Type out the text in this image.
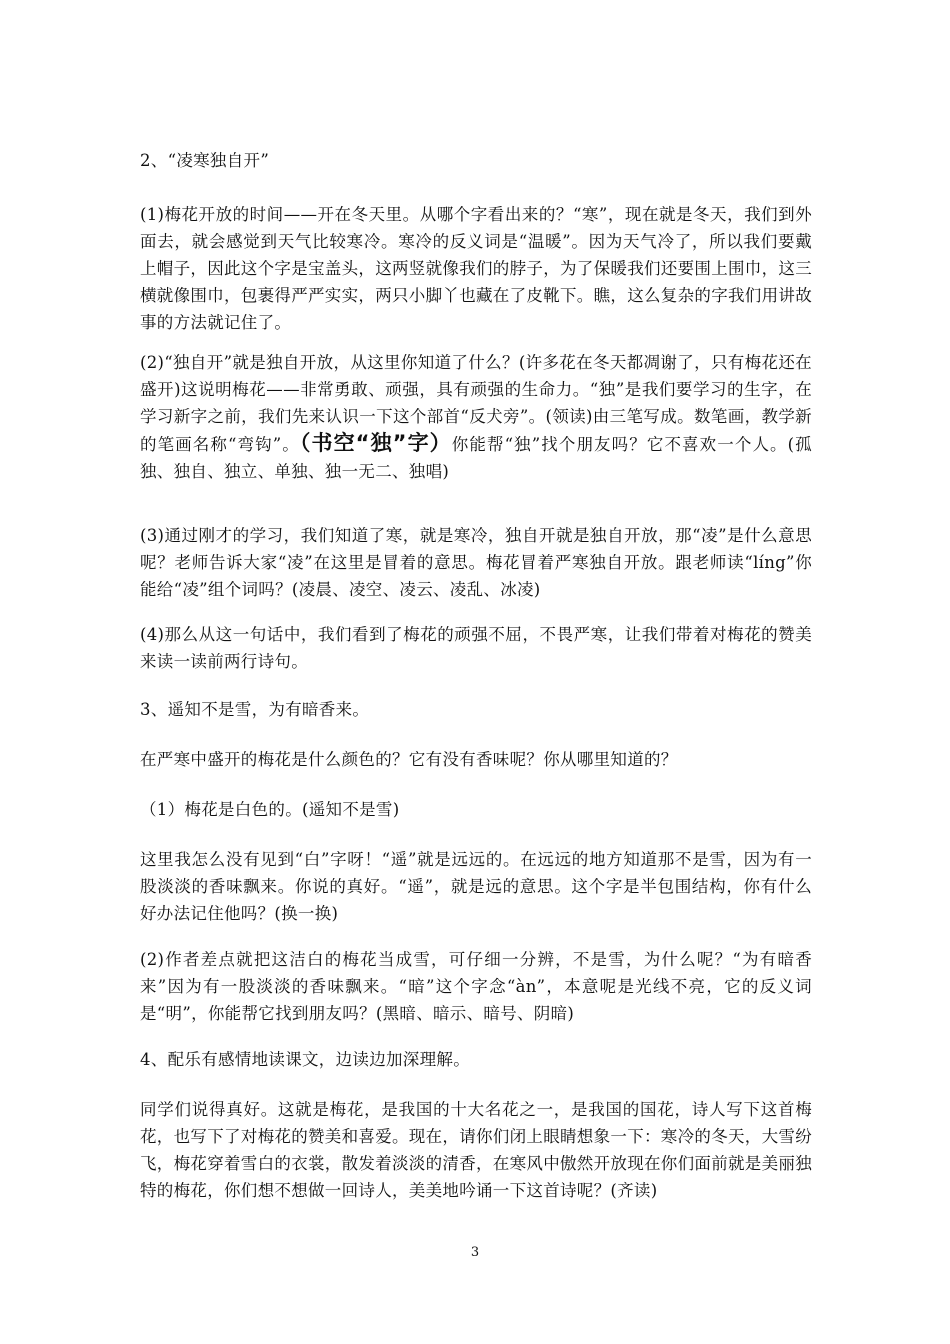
2、“凌寒独自开”

(1)梅花开放的时间——开在冬天里。从哪个字看出来的？“寒”，现在就是冬天，我们到外面去，就会感觉到天气比较寒冷。寒冷的反义词是“温暖”。因为天气冷了，所以我们要戴上帽子，因此这个字是宝盖头，这两竖就像我们的脖子，为了保暖我们还要围上围巾，这三横就像围巾，包裹得严严实实，两只小脚丫也藏在了皮靴下。瞧，这么复杂的字我们用讲故事的方法就记住了。

(2)“独自开”就是独自开放，从这里你知道了什么？(许多花在冬天都凋谢了，只有梅花还在盛开)这说明梅花——非常勇敢、顽强，具有顽强的生命力。“独”是我们要学习的生字，在学习新字之前，我们先来认识一下这个部首“反犬旁”。(领读)由三笔写成。数笔画，教学新的笔画名称“弯钩”。（书空“独”字）你能帮“独”找个朋友吗？它不喜欢一个人。(孤独、独自、独立、单独、独一无二、独唱)

(3)通过刚才的学习，我们知道了寒，就是寒冷，独自开就是独自开放，那“凌”是什么意思呢？老师告诉大家“凌”在这里是冒着的意思。梅花冒着严寒独自开放。跟老师读“líng”你能给“凌”组个词吗？(凌晨、凌空、凌云、凌乱、冰凌)

(4)那么从这一句话中，我们看到了梅花的顽强不屈，不畏严寒，让我们带着对梅花的赞美来读一读前两行诗句。

3、遥知不是雪，为有暗香来。

在严寒中盛开的梅花是什么颜色的？它有没有香味呢？你从哪里知道的？

（1）梅花是白色的。(遥知不是雪)

这里我怎么没有见到“白”字呀！“遥”就是远远的。在远远的地方知道那不是雪，因为有一股淡淡的香味飘来。你说的真好。“遥”，就是远的意思。这个字是半包围结构，你有什么好办法记住他吗？(换一换)

(2)作者差点就把这洁白的梅花当成雪，可仔细一分辨，不是雪，为什么呢？“为有暗香来”因为有一股淡淡的香味飘来。“暗”这个字念“àn”，本意呢是光线不亮，它的反义词是“明”，你能帮它找到朋友吗？(黑暗、暗示、暗号、阴暗)

4、配乐有感情地读课文，边读边加深理解。

同学们说得真好。这就是梅花，是我国的十大名花之一，是我国的国花，诗人写下这首梅花，也写下了对梅花的赞美和喜爱。现在，请你们闭上眼睛想象一下：寒冷的冬天，大雪纷飞，梅花穿着雪白的衣裳，散发着淡淡的清香，在寒风中傲然开放现在你们面前就是美丽独特的梅花，你们想不想做一回诗人，美美地吟诵一下这首诗呢？(齐读)

3
